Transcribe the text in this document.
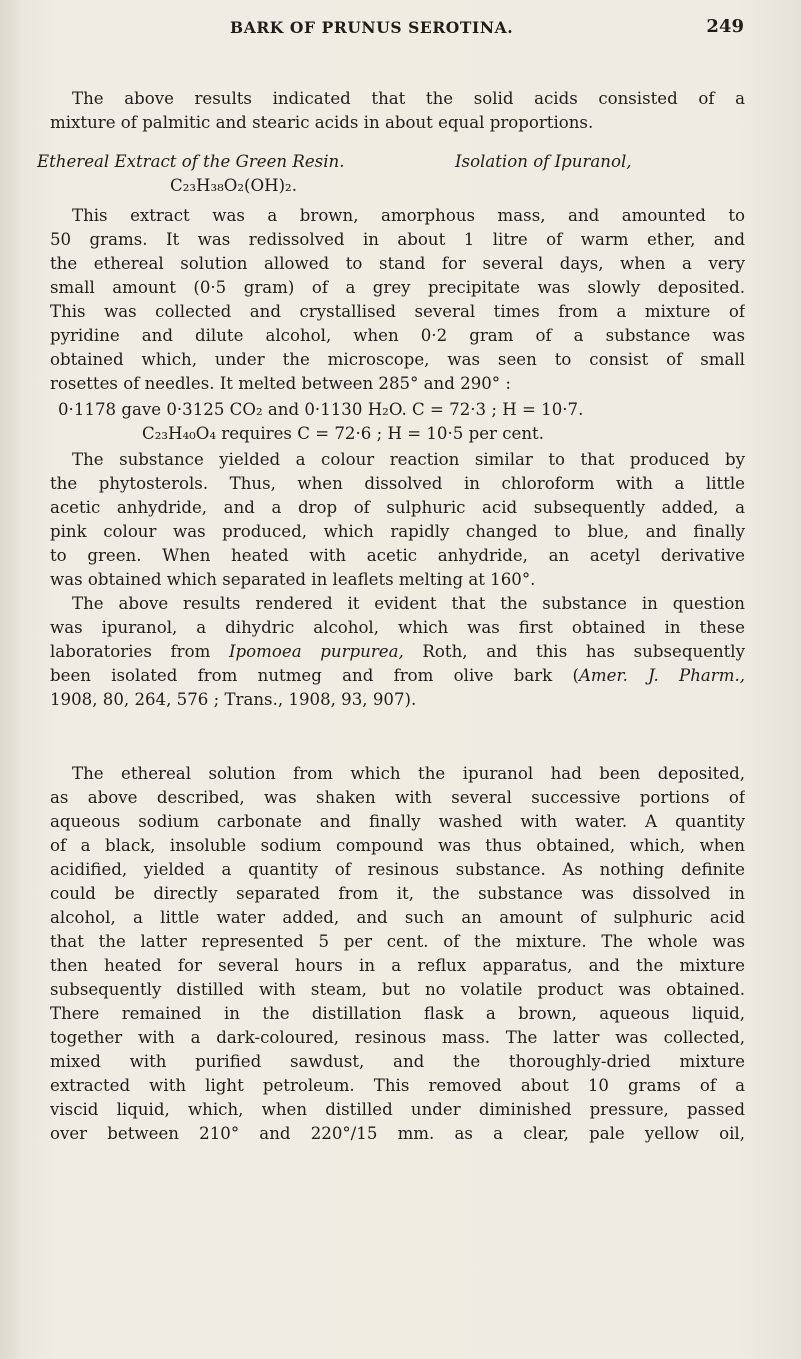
BARK OF PRUNUS SEROTINA.	249
The above results indicated that the solid acids consisted of a
mixture of palmitic and stearic acids in about equal proportions.
Ethereal Extract of the Green Resin.	Isolation of Ipuranol,
C₂₃H₃₈O₂(OH)₂.
This extract was a brown, amorphous mass, and amounted to
50 grams. It was redissolved in about 1 litre of warm ether, and
the ethereal solution allowed to stand for several days, when a very
small amount (0·5 gram) of a grey precipitate was slowly deposited.
This was collected and crystallised several times from a mixture of
pyridine and dilute alcohol, when 0·2 gram of a substance was
obtained which, under the microscope, was seen to consist of small
rosettes of needles. It melted between 285° and 290° :
0·1178 gave 0·3125 CO₂ and 0·1130 H₂O. C = 72·3 ; H = 10·7.
C₂₃H₄₀O₄ requires C = 72·6 ; H = 10·5 per cent.
The substance yielded a colour reaction similar to that produced by
the phytosterols. Thus, when dissolved in chloroform with a little
acetic anhydride, and a drop of sulphuric acid subsequently added, a
pink colour was produced, which rapidly changed to blue, and finally
to green. When heated with acetic anhydride, an acetyl derivative
was obtained which separated in leaflets melting at 160°.
The above results rendered it evident that the substance in question
was ipuranol, a dihydric alcohol, which was first obtained in these
laboratories from Ipomoea purpurea, Roth, and this has subsequently
been isolated from nutmeg and from olive bark (Amer. J. Pharm.,
1908, 80, 264, 576 ; Trans., 1908, 93, 907).
The ethereal solution from which the ipuranol had been deposited,
as above described, was shaken with several successive portions of
aqueous sodium carbonate and finally washed with water. A quantity
of a black, insoluble sodium compound was thus obtained, which, when
acidified, yielded a quantity of resinous substance. As nothing definite
could be directly separated from it, the substance was dissolved in
alcohol, a little water added, and such an amount of sulphuric acid
that the latter represented 5 per cent. of the mixture. The whole was
then heated for several hours in a reflux apparatus, and the mixture
subsequently distilled with steam, but no volatile product was obtained.
There remained in the distillation flask a brown, aqueous liquid,
together with a dark-coloured, resinous mass. The latter was collected,
mixed with purified sawdust, and the thoroughly-dried mixture
extracted with light petroleum. This removed about 10 grams of a
viscid liquid, which, when distilled under diminished pressure, passed
over between 210° and 220°/15 mm. as a clear, pale yellow oil,
